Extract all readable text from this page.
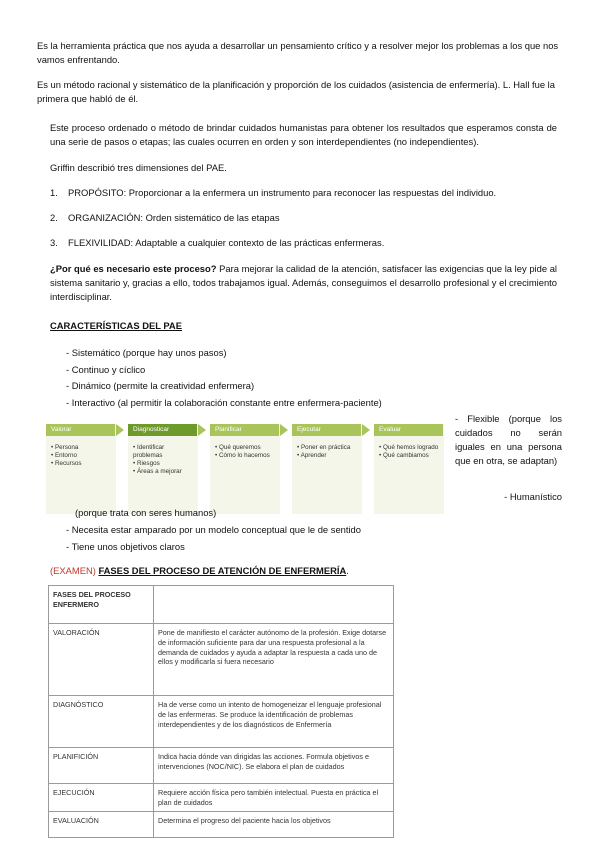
Es la herramienta práctica que nos ayuda a desarrollar un pensamiento crítico y a resolver mejor los problemas a los que nos vamos enfrentando.

Es un método racional y sistemático de la planificación y proporción de los cuidados (asistencia de enfermería). L. Hall fue la primera que habló de él.

Este proceso ordenado o método de brindar cuidados humanistas para obtener los resultados que esperamos consta de una serie de pasos o etapas; las cuales ocurren en orden y son interdependientes (no independientes).

Griffin describió tres dimensiones del PAE.

1. PROPÓSITO: Proporcionar a la enfermera un instrumento para reconocer las respuestas del individuo.
2. ORGANIZACIÓN: Orden sistemático de las etapas
3. FLEXIVILIDAD: Adaptable a cualquier contexto de las prácticas enfermeras.

¿Por qué es necesario este proceso? Para mejorar la calidad de la atención, satisfacer las exigencias que la ley pide al sistema sanitario y, gracias a ello, todos trabajamos igual. Además, conseguimos el desarrollo profesional y el crecimiento interdisciplinar.

CARACTERÍSTICAS DEL PAE
- Sistemático (porque hay unos pasos)
- Continuo y cíclico
- Dinámico (permite la creatividad enfermera)
- Interactivo (al permitir la colaboración constante entre enfermera-paciente)
Valorar
• Persona
• Entorno
• Recursos
Diagnosticar
• Identificar problemas
• Riesgos
• Áreas a mejorar
Planificar
• Qué queremos
• Cómo lo hacemos
Ejecutar
• Poner en práctica
• Aprender
Evaluar
• Qué hemos logrado
• Qué cambiamos

- Flexible (porque los cuidados no serán iguales en una persona que en otra, se adaptan)

- Humanístico
(porque trata con seres humanos)
- Necesita estar amparado por un modelo conceptual que le de sentido
- Tiene unos objetivos claros
(EXAMEN) FASES DEL PROCESO DE ATENCIÓN DE ENFERMERÍA.
FASES DEL PROCESO ENFERMERO	
VALORACIÓN	Pone de manifiesto el carácter autónomo de la profesión. Exige dotarse de información suficiente para dar una respuesta profesional a la demanda de cuidados y ayuda a adaptar la respuesta a cada uno de ellos y modificarla si fuera necesario
DIAGNÓSTICO	Ha de verse como un intento de homogeneizar el lenguaje profesional de las enfermeras. Se produce la identificación de problemas interdependientes y de los diagnósticos de Enfermería
PLANIFICIÓN	Indica hacia dónde van dirigidas las acciones. Formula objetivos e intervenciones (NOC/NIC). Se elabora el plan de cuidados
EJECUCIÓN	Requiere acción física pero también intelectual. Puesta en práctica el plan de cuidados
EVALUACIÓN	Determina el progreso del paciente hacia los objetivos
